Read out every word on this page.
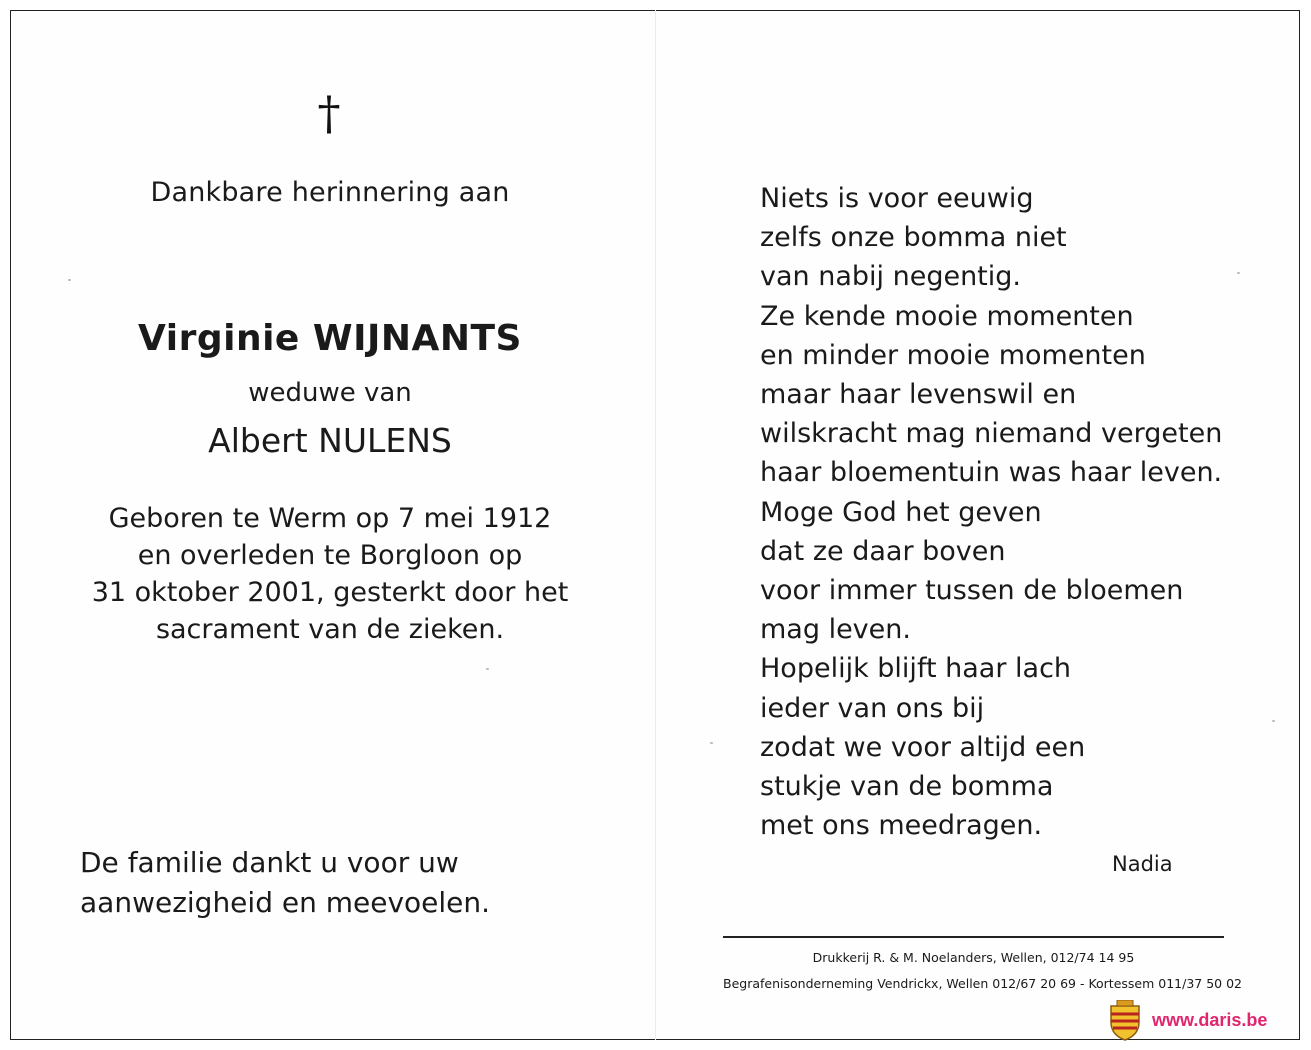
†
Dankbare herinnering aan
Virginie WIJNANTS
weduwe van
Albert NULENS
Geboren te Werm op 7 mei 1912
en overleden te Borgloon op
31 oktober 2001, gesterkt door het
sacrament van de zieken.
De familie dankt u voor uw
aanwezigheid en meevoelen.
Niets is voor eeuwig
zelfs onze bomma niet
van nabij negentig.
Ze kende mooie momenten
en minder mooie momenten
maar haar levenswil en
wilskracht mag niemand vergeten
haar bloementuin was haar leven.
Moge God het geven
dat ze daar boven
voor immer tussen de bloemen
mag leven.
Hopelijk blijft haar lach
ieder van ons bij
zodat we voor altijd een
stukje van de bomma
met ons meedragen.
Nadia
Drukkerij R. & M. Noelanders, Wellen, 012/74 14 95
Begrafenisonderneming Vendrickx, Wellen 012/67 20 69 - Kortessem 011/37 50 02
www.daris.be
